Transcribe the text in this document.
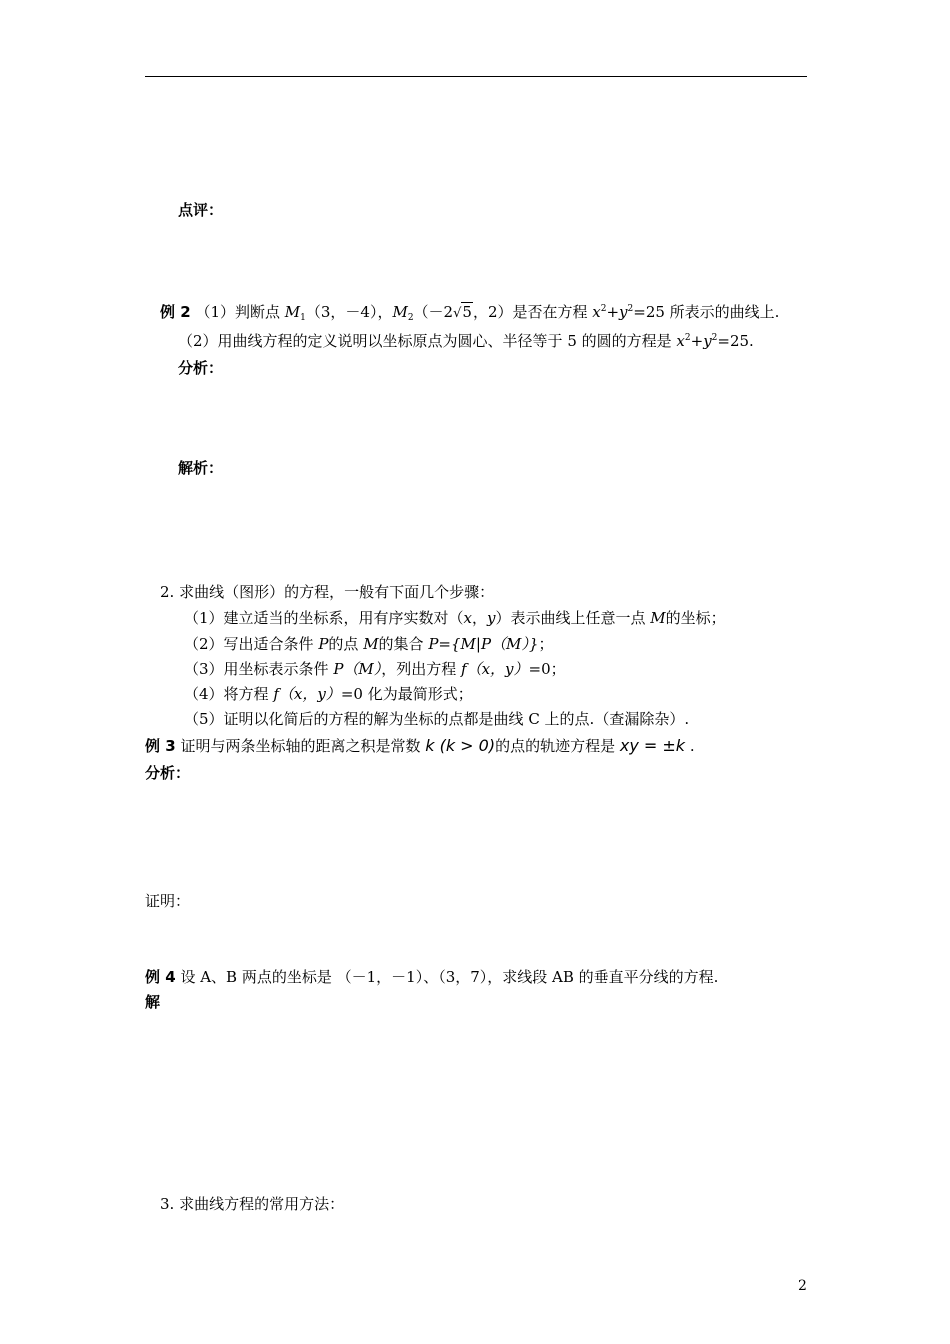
点评：
例 2 （1）判断点 $M_1(3$，－4），$M_2(-2√5$，2）是否在方程 $x^2+y^2=25$ 所表示的曲线上.
（2）用曲线方程的定义说明以坐标原点为圆心、半径等于 5 的圆的方程是 $x^2+y^2=25$.
分析：
解析：
2. 求曲线（图形）的方程，一般有下面几个步骤：
（1）建立适当的坐标系，用有序实数对（x，y）表示曲线上任意一点 M的坐标；
（2）写出适合条件 P的点 M的集合 P={M|P（M）}；
（3）用坐标表示条件 P（M），列出方程 f（x，y）=0；
（4）将方程 f（x，y）=0 化为最简形式；
（5）证明以化简后的方程的解为坐标的点都是曲线 C 上的点.（查漏除杂）.
例 3 证明与两条坐标轴的距离之积是常数 k (k > 0)的点的轨迹方程是 xy = ±k .
分析：
证明：
例 4 设 A、B 两点的坐标是 （－1，－1）、（3，7），求线段 AB 的垂直平分线的方程.
解
3. 求曲线方程的常用方法：
2
